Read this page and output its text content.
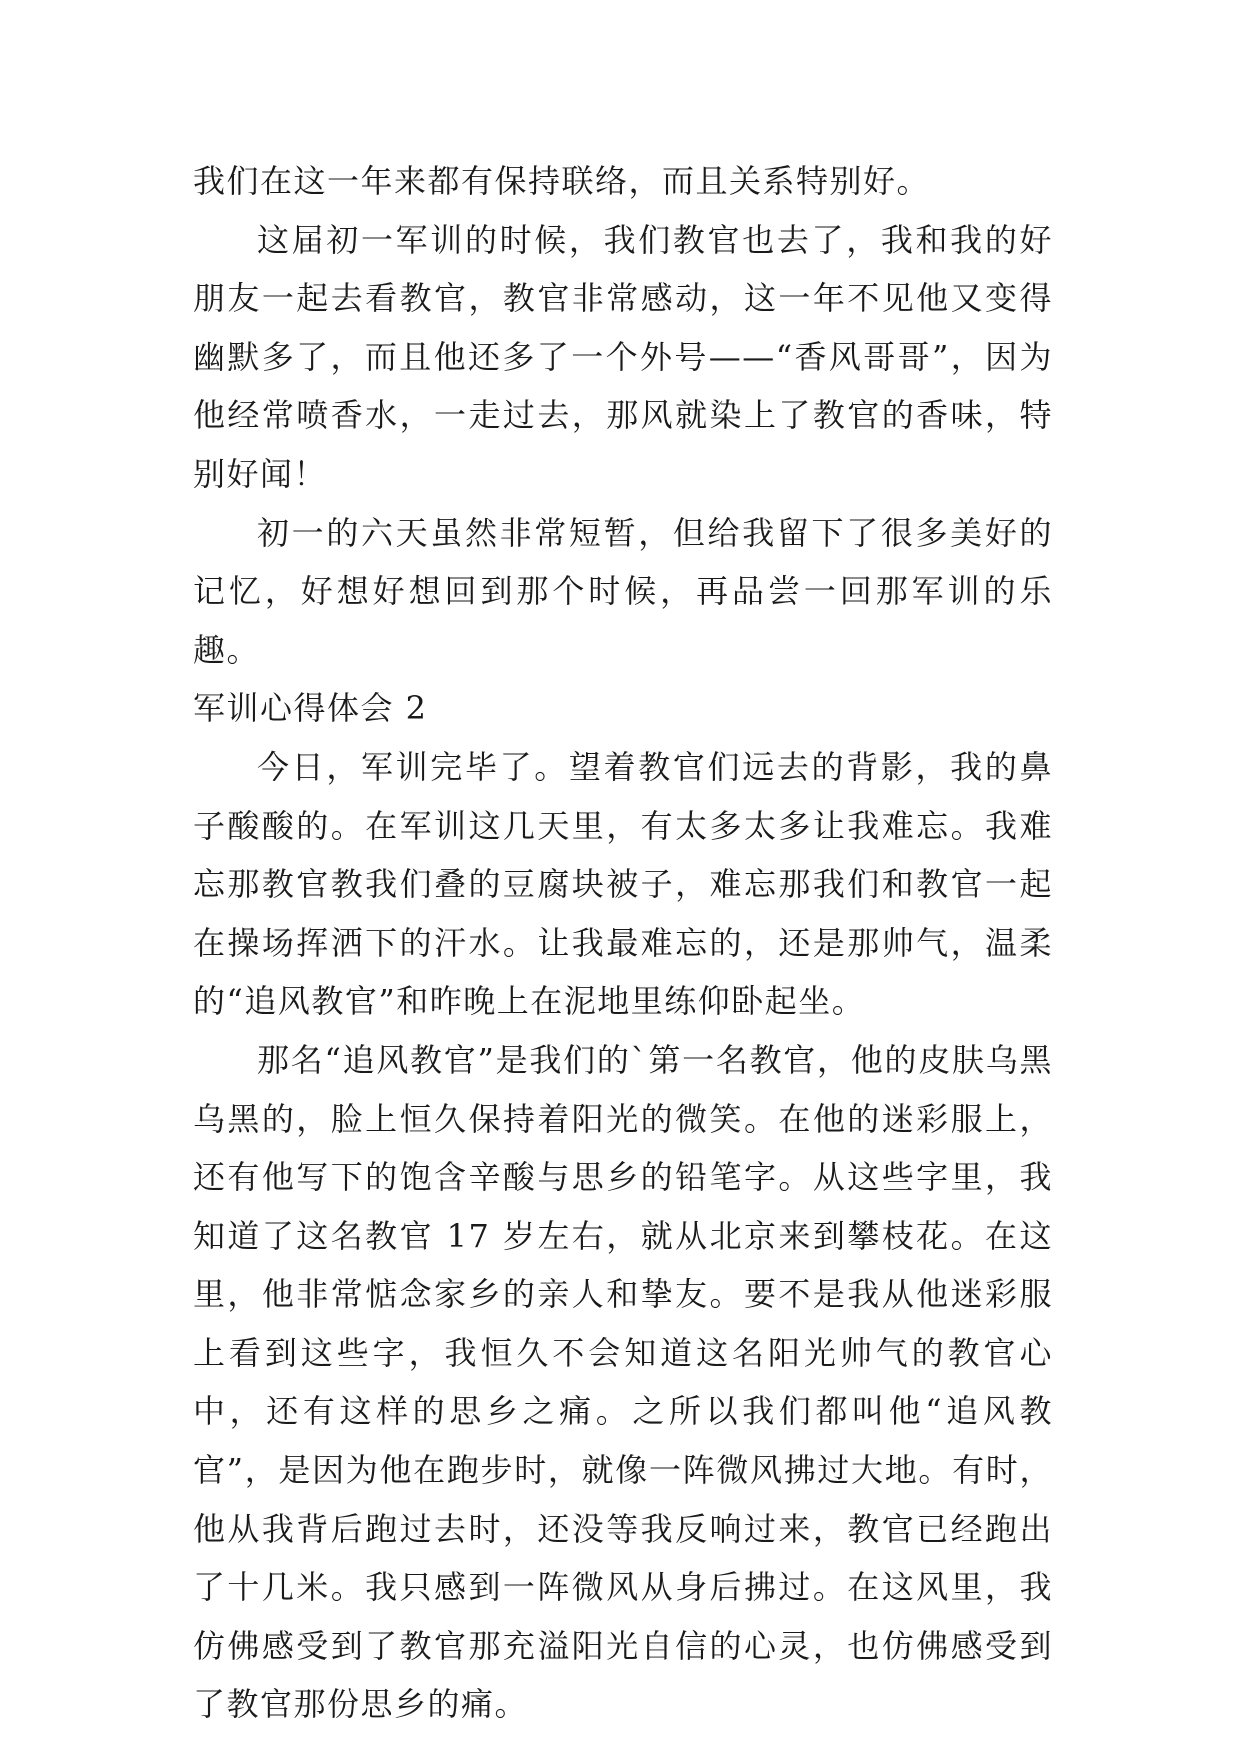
我们在这一年来都有保持联络，而且关系特别好。

这届初一军训的时候，我们教官也去了，我和我的好朋友一起去看教官，教官非常感动，这一年不见他又变得幽默多了，而且他还多了一个外号——“香风哥哥”，因为他经常喷香水，一走过去，那风就染上了教官的香味，特别好闻！

初一的六天虽然非常短暂，但给我留下了很多美好的记忆，好想好想回到那个时候，再品尝一回那军训的乐趣。

军训心得体会 2

今日，军训完毕了。望着教官们远去的背影，我的鼻子酸酸的。在军训这几天里，有太多太多让我难忘。我难忘那教官教我们叠的豆腐块被子，难忘那我们和教官一起在操场挥洒下的汗水。让我最难忘的，还是那帅气，温柔的“追风教官”和昨晚上在泥地里练仰卧起坐。

那名“追风教官”是我们的`第一名教官，他的皮肤乌黑乌黑的，脸上恒久保持着阳光的微笑。在他的迷彩服上，还有他写下的饱含辛酸与思乡的铅笔字。从这些字里，我知道了这名教官 17 岁左右，就从北京来到攀枝花。在这里，他非常惦念家乡的亲人和挚友。要不是我从他迷彩服上看到这些字，我恒久不会知道这名阳光帅气的教官心中，还有这样的思乡之痛。之所以我们都叫他“追风教官”，是因为他在跑步时，就像一阵微风拂过大地。有时，他从我背后跑过去时，还没等我反响过来，教官已经跑出了十几米。我只感到一阵微风从身后拂过。在这风里，我仿佛感受到了教官那充溢阳光自信的心灵，也仿佛感受到了教官那份思乡的痛。
